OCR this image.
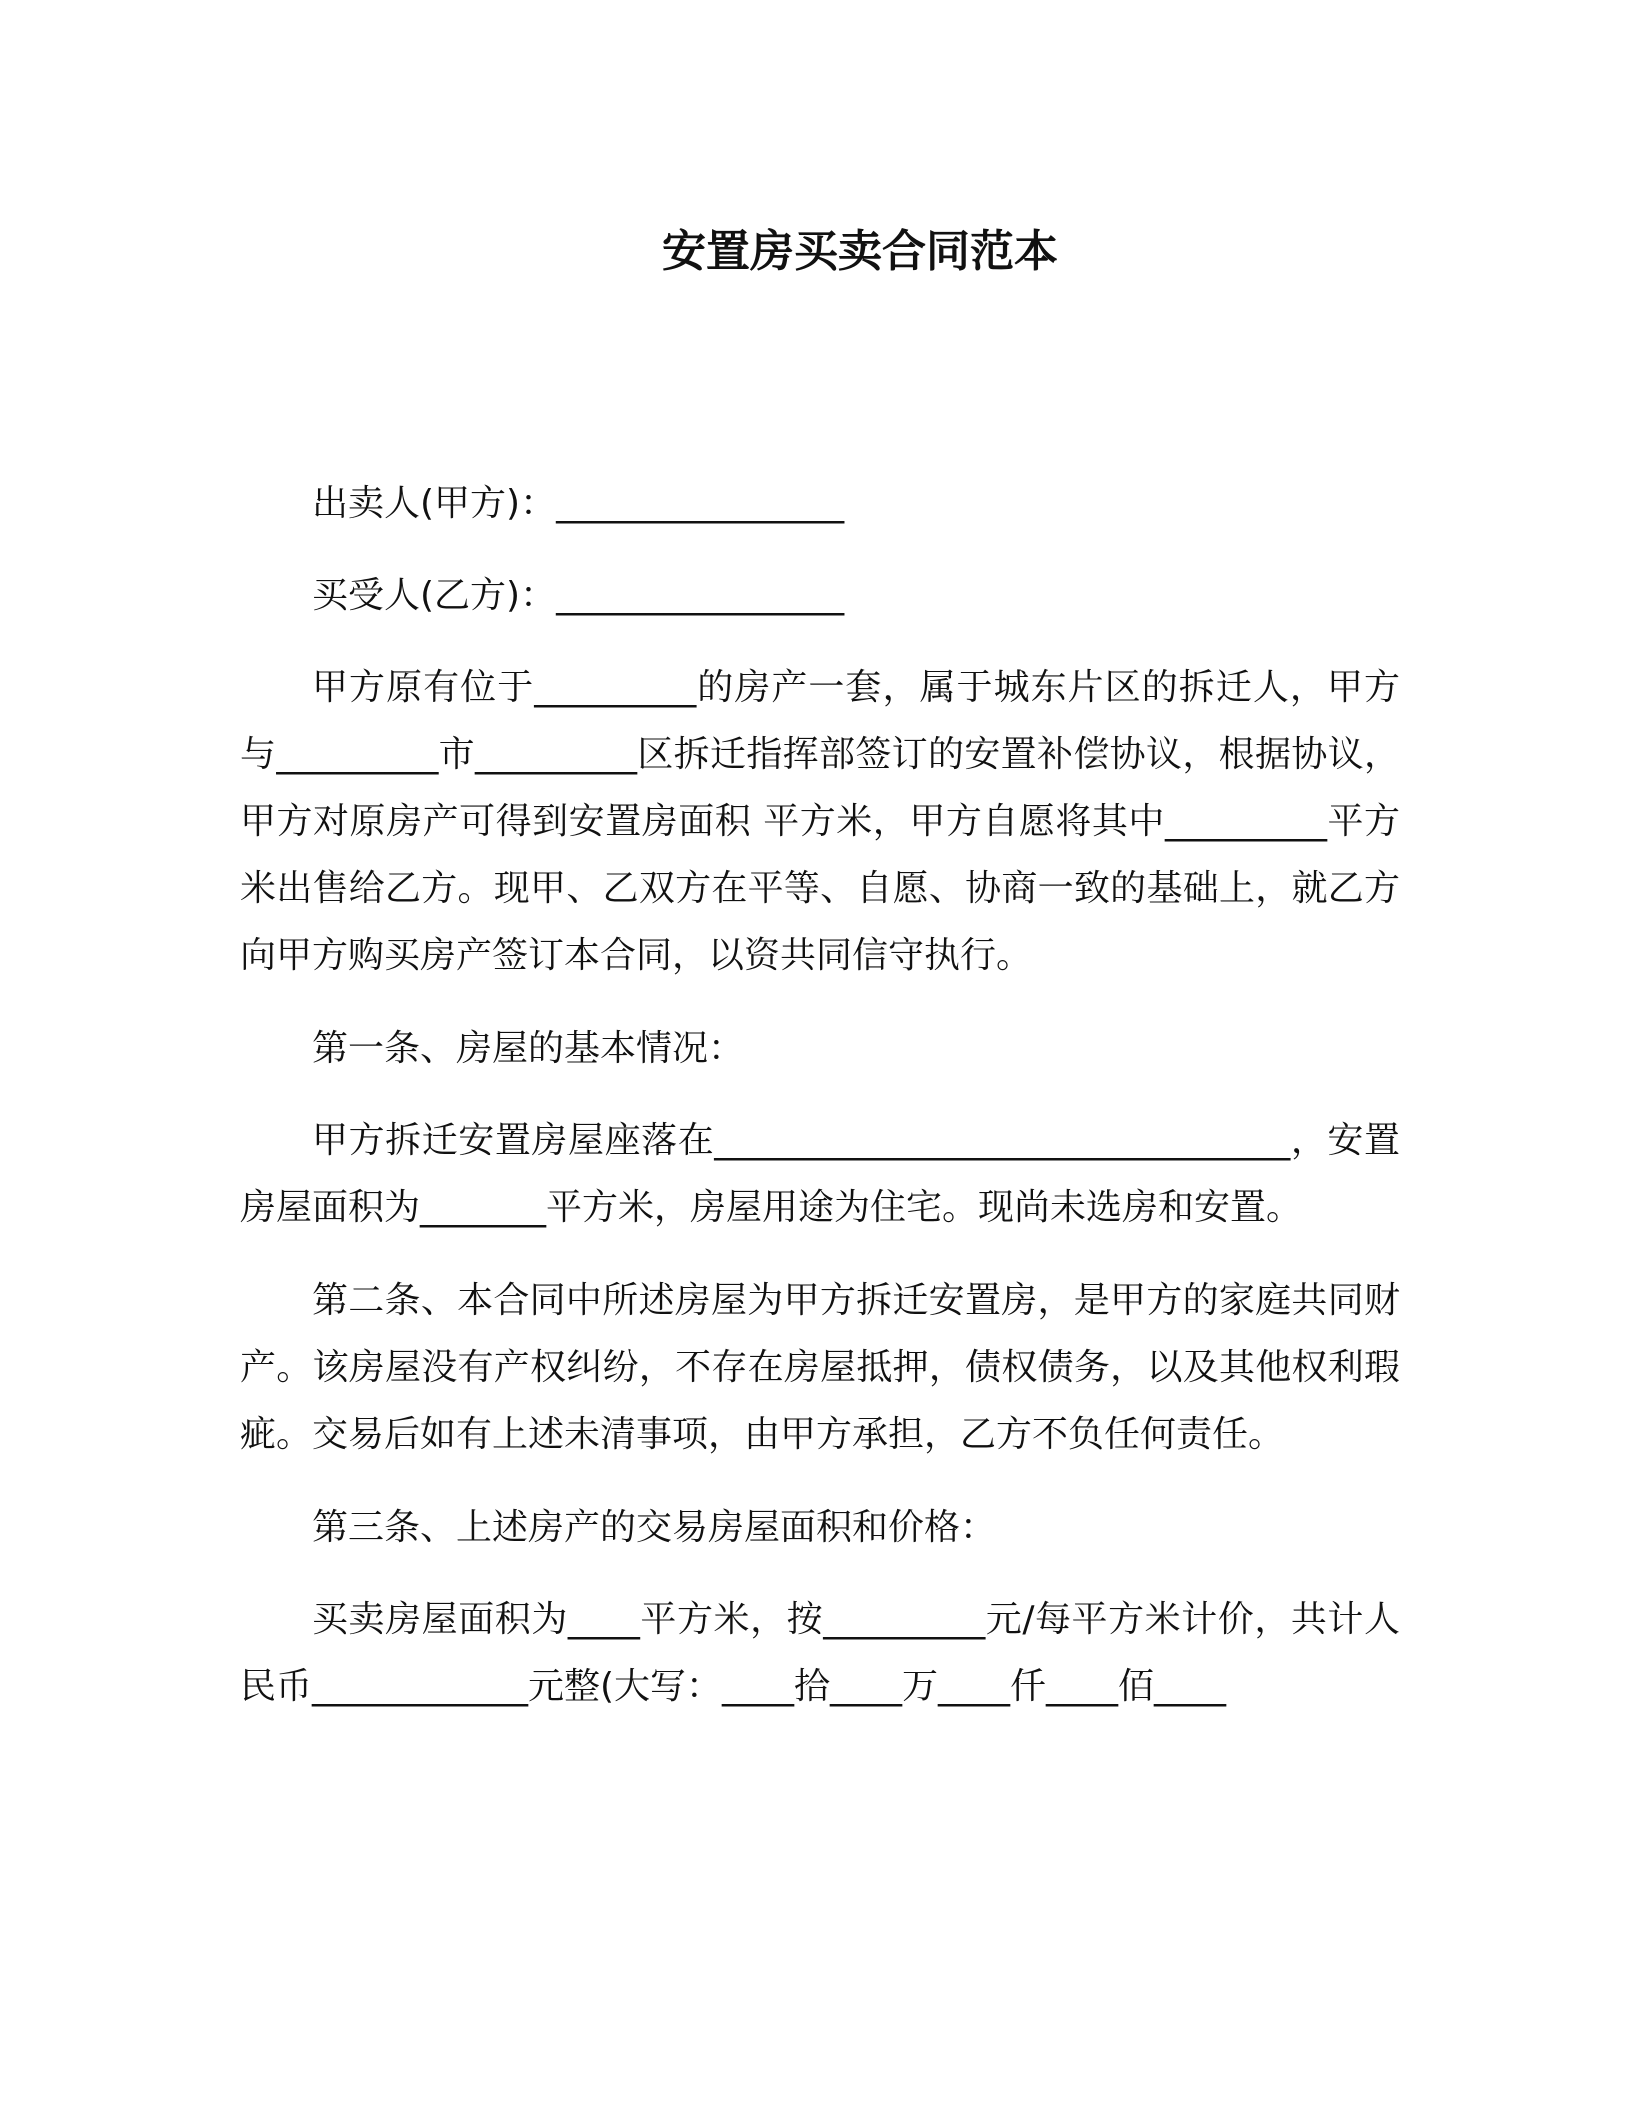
安置房买卖合同范本

出卖人(甲方)：________________

买受人(乙方)：________________

甲方原有位于_________的房产一套，属于城东片区的拆迁人，甲方与_________市_________区拆迁指挥部签订的安置补偿协议，根据协议，甲方对原房产可得到安置房面积 平方米，甲方自愿将其中_________平方米出售给乙方。现甲、乙双方在平等、自愿、协商一致的基础上，就乙方向甲方购买房产签订本合同，以资共同信守执行。

第一条、房屋的基本情况：

甲方拆迁安置房屋座落在________________________________，安置房屋面积为_______平方米，房屋用途为住宅。现尚未选房和安置。

第二条、本合同中所述房屋为甲方拆迁安置房，是甲方的家庭共同财产。该房屋没有产权纠纷，不存在房屋抵押，债权债务，以及其他权利瑕疵。交易后如有上述未清事项，由甲方承担，乙方不负任何责任。

第三条、上述房产的交易房屋面积和价格：

买卖房屋面积为____平方米，按_________元/每平方米计价，共计人民币____________元整(大写：____拾____万____仟____佰____
